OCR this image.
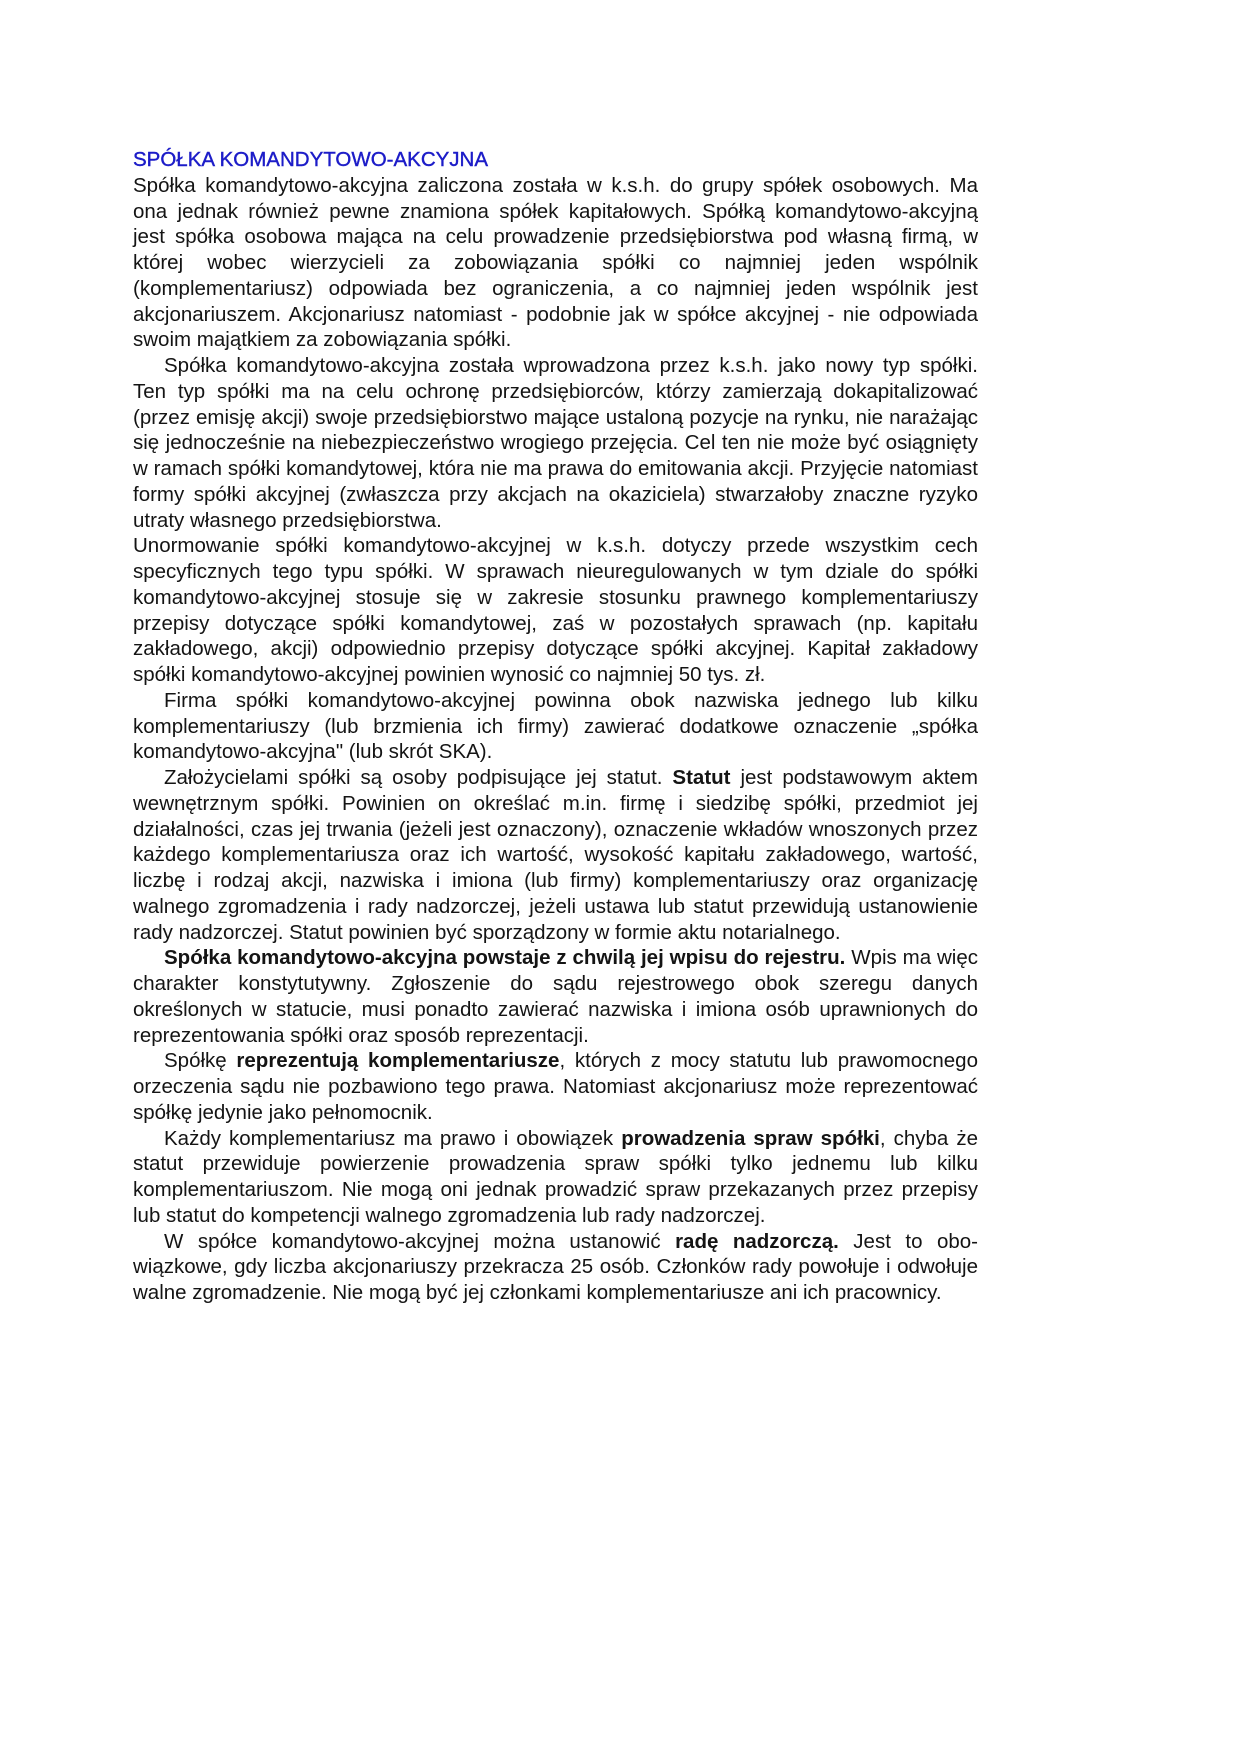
SPÓŁKA KOMANDYTOWO-AKCYJNA

Spółka komandytowo-akcyjna zaliczona została w k.s.h. do grupy spółek osobowych. Ma ona jednak również pewne znamiona spółek kapitałowych. Spółką komandytowo-akcyjną jest spółka osobowa mająca na celu prowadzenie przedsiębiorstwa pod własną firmą, w której wobec wierzycieli za zobowiązania spółki co najmniej jeden wspólnik (komplementariusz) odpowiada bez ograniczenia, a co najmniej jeden wspólnik jest akcjonariuszem. Akcjonariusz natomiast - podobnie jak w spółce akcyjnej - nie odpowiada swoim majątkiem za zobowiązania spółki.

Spółka komandytowo-akcyjna została wprowadzona przez k.s.h. jako nowy typ spółki. Ten typ spółki ma na celu ochronę przedsiębiorców, którzy zamierzają dokapitalizować (przez emisję akcji) swoje przedsiębiorstwo mające ustaloną pozycje na rynku, nie narażając się jednocześnie na niebezpieczeństwo wrogiego przejęcia. Cel ten nie może być osiągnięty w ramach spółki komandytowej, która nie ma prawa do emitowania akcji. Przyjęcie natomiast formy spółki akcyjnej (zwłaszcza przy akcjach na okaziciela) stwarzałoby znaczne ryzyko utraty własnego przedsiębiorstwa.

Unormowanie spółki komandytowo-akcyjnej w k.s.h. dotyczy przede wszystkim cech specyficznych tego typu spółki. W sprawach nieuregulowanych w tym dziale do spółki komandytowo-akcyjnej stosuje się w zakresie stosunku prawnego komplementariuszy przepisy dotyczące spółki komandytowej, zaś w pozostałych sprawach (np. kapitału zakładowego, akcji) odpowiednio przepisy dotyczące spółki akcyjnej. Kapitał zakładowy spółki komandytowo-akcyjnej powinien wynosić co najmniej 50 tys. zł.

Firma spółki komandytowo-akcyjnej powinna obok nazwiska jednego lub kilku komplementariuszy (lub brzmienia ich firmy) zawierać dodatkowe oznaczenie „spółka komandytowo-akcyjna" (lub skrót SKA).

Założycielami spółki są osoby podpisujące jej statut. Statut jest podstawowym aktem wewnętrznym spółki. Powinien on określać m.in. firmę i siedzibę spółki, przedmiot jej działalności, czas jej trwania (jeżeli jest oznaczony), oznaczenie wkładów wnoszonych przez każdego komplementariusza oraz ich wartość, wysokość kapitału zakładowego, wartość, liczbę i rodzaj akcji, nazwiska i imiona (lub firmy) komplementariuszy oraz organizację walnego zgromadzenia i rady nadzorczej, jeżeli ustawa lub statut przewidują ustanowienie rady nadzorczej. Statut powinien być sporządzony w formie aktu notarialnego.

Spółka komandytowo-akcyjna powstaje z chwilą jej wpisu do rejestru. Wpis ma więc charakter konstytutywny. Zgłoszenie do sądu rejestrowego obok szeregu danych określonych w statucie, musi ponadto zawierać nazwiska i imiona osób uprawnionych do reprezentowania spółki oraz sposób reprezentacji.

Spółkę reprezentują komplementariusze, których z mocy statutu lub prawomocnego orzeczenia sądu nie pozbawiono tego prawa. Natomiast akcjonariusz może reprezentować spółkę jedynie jako pełnomocnik.

Każdy komplementariusz ma prawo i obowiązek prowadzenia spraw spółki, chyba że statut przewiduje powierzenie prowadzenia spraw spółki tylko jednemu lub kilku komplementariuszom. Nie mogą oni jednak prowadzić spraw przekazanych przez przepisy lub statut do kompetencji walnego zgromadzenia lub rady nadzorczej.

W spółce komandytowo-akcyjnej można ustanowić radę nadzorczą. Jest to obowiązkowe, gdy liczba akcjonariuszy przekracza 25 osób. Członków rady powołuje i odwołuje walne zgromadzenie. Nie mogą być jej członkami komplementariusze ani ich pracownicy.
